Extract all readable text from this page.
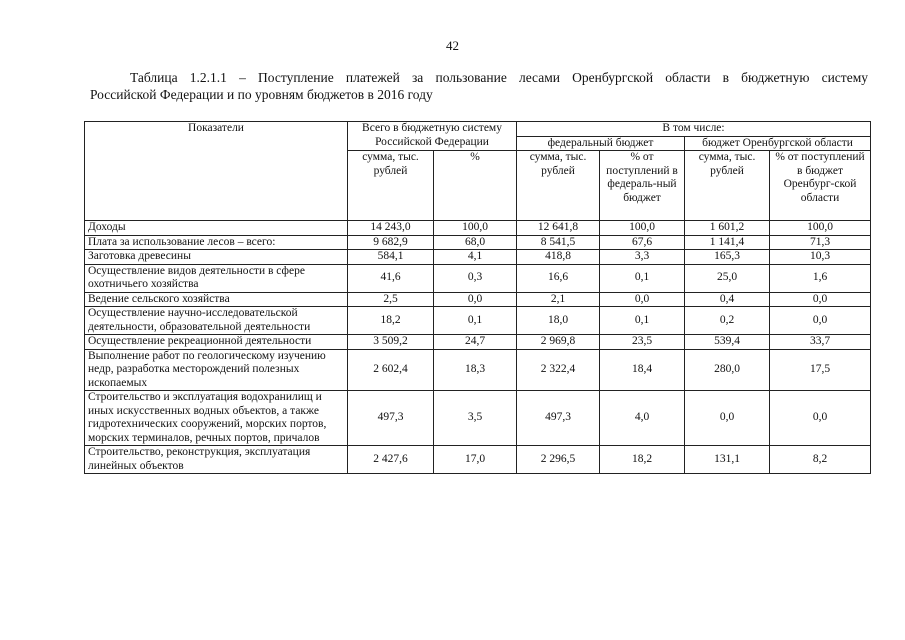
42
Таблица 1.2.1.1 – Поступление платежей за пользование лесами Оренбургской области в бюджетную систему
Российской Федерации и по уровням бюджетов в 2016 году
Показатели	Всего в бюджетную систему Российской Федерации		В том числе:			
			федеральный бюджет		бюджет Оренбургской области	
	сумма, тыс. рублей	%	сумма, тыс. рублей	% от поступлений в федераль-ный бюджет	сумма, тыс. рублей	% от поступлений в бюджет Оренбург-ской области
Доходы	14 243,0	100,0	12 641,8	100,0	1 601,2	100,0
Плата за использование лесов – всего:	9 682,9	68,0	8 541,5	67,6	1 141,4	71,3
Заготовка древесины	584,1	4,1	418,8	3,3	165,3	10,3
Осуществление видов деятельности в сфере охотничьего хозяйства	41,6	0,3	16,6	0,1	25,0	1,6
Ведение сельского хозяйства	2,5	0,0	2,1	0,0	0,4	0,0
Осуществление научно-исследовательской деятельности, образовательной деятельности	18,2	0,1	18,0	0,1	0,2	0,0
Осуществление рекреационной деятельности	3 509,2	24,7	2 969,8	23,5	539,4	33,7
Выполнение работ по геологическому изучению недр, разработка месторождений полезных ископаемых	2 602,4	18,3	2 322,4	18,4	280,0	17,5
Строительство и эксплуатация водохранилищ и иных искусственных водных объектов, а также гидротехнических сооружений, морских портов, морских терминалов, речных портов, причалов	497,3	3,5	497,3	4,0	0,0	0,0
Строительство, реконструкция, эксплуатация линейных объектов	2 427,6	17,0	2 296,5	18,2	131,1	8,2
